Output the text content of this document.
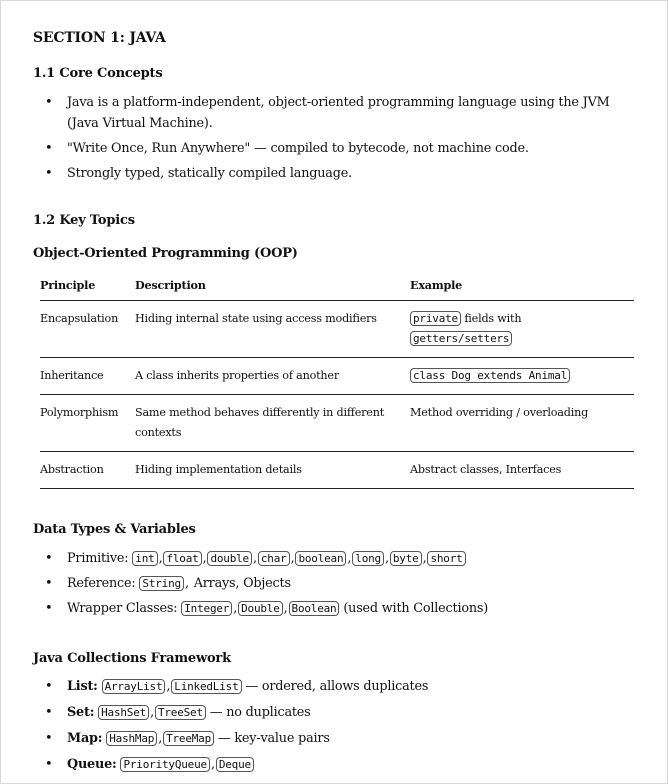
SECTION 1: JAVA
1.1 Core Concepts
• Java is a platform-independent, object-oriented programming language using the JVM (Java Virtual Machine).
• "Write Once, Run Anywhere" — compiled to bytecode, not machine code.
• Strongly typed, statically compiled language.
1.2 Key Topics
Object-Oriented Programming (OOP)
Principle	Description	Example
Encapsulation	Hiding internal state using access modifiers	private fields with
getters/setters
Inheritance	A class inherits properties of another	class Dog extends Animal
Polymorphism	Same method behaves differently in different contexts	Method overriding / overloading
Abstraction	Hiding implementation details	Abstract classes, Interfaces
Data Types & Variables
• Primitive: int , float , double , char , boolean , long , byte , short
• Reference: String , Arrays, Objects
• Wrapper Classes: Integer , Double , Boolean (used with Collections)
Java Collections Framework
• List: ArrayList , LinkedList — ordered, allows duplicates
• Set: HashSet , TreeSet — no duplicates
• Map: HashMap , TreeMap — key-value pairs
• Queue: PriorityQueue , Deque
